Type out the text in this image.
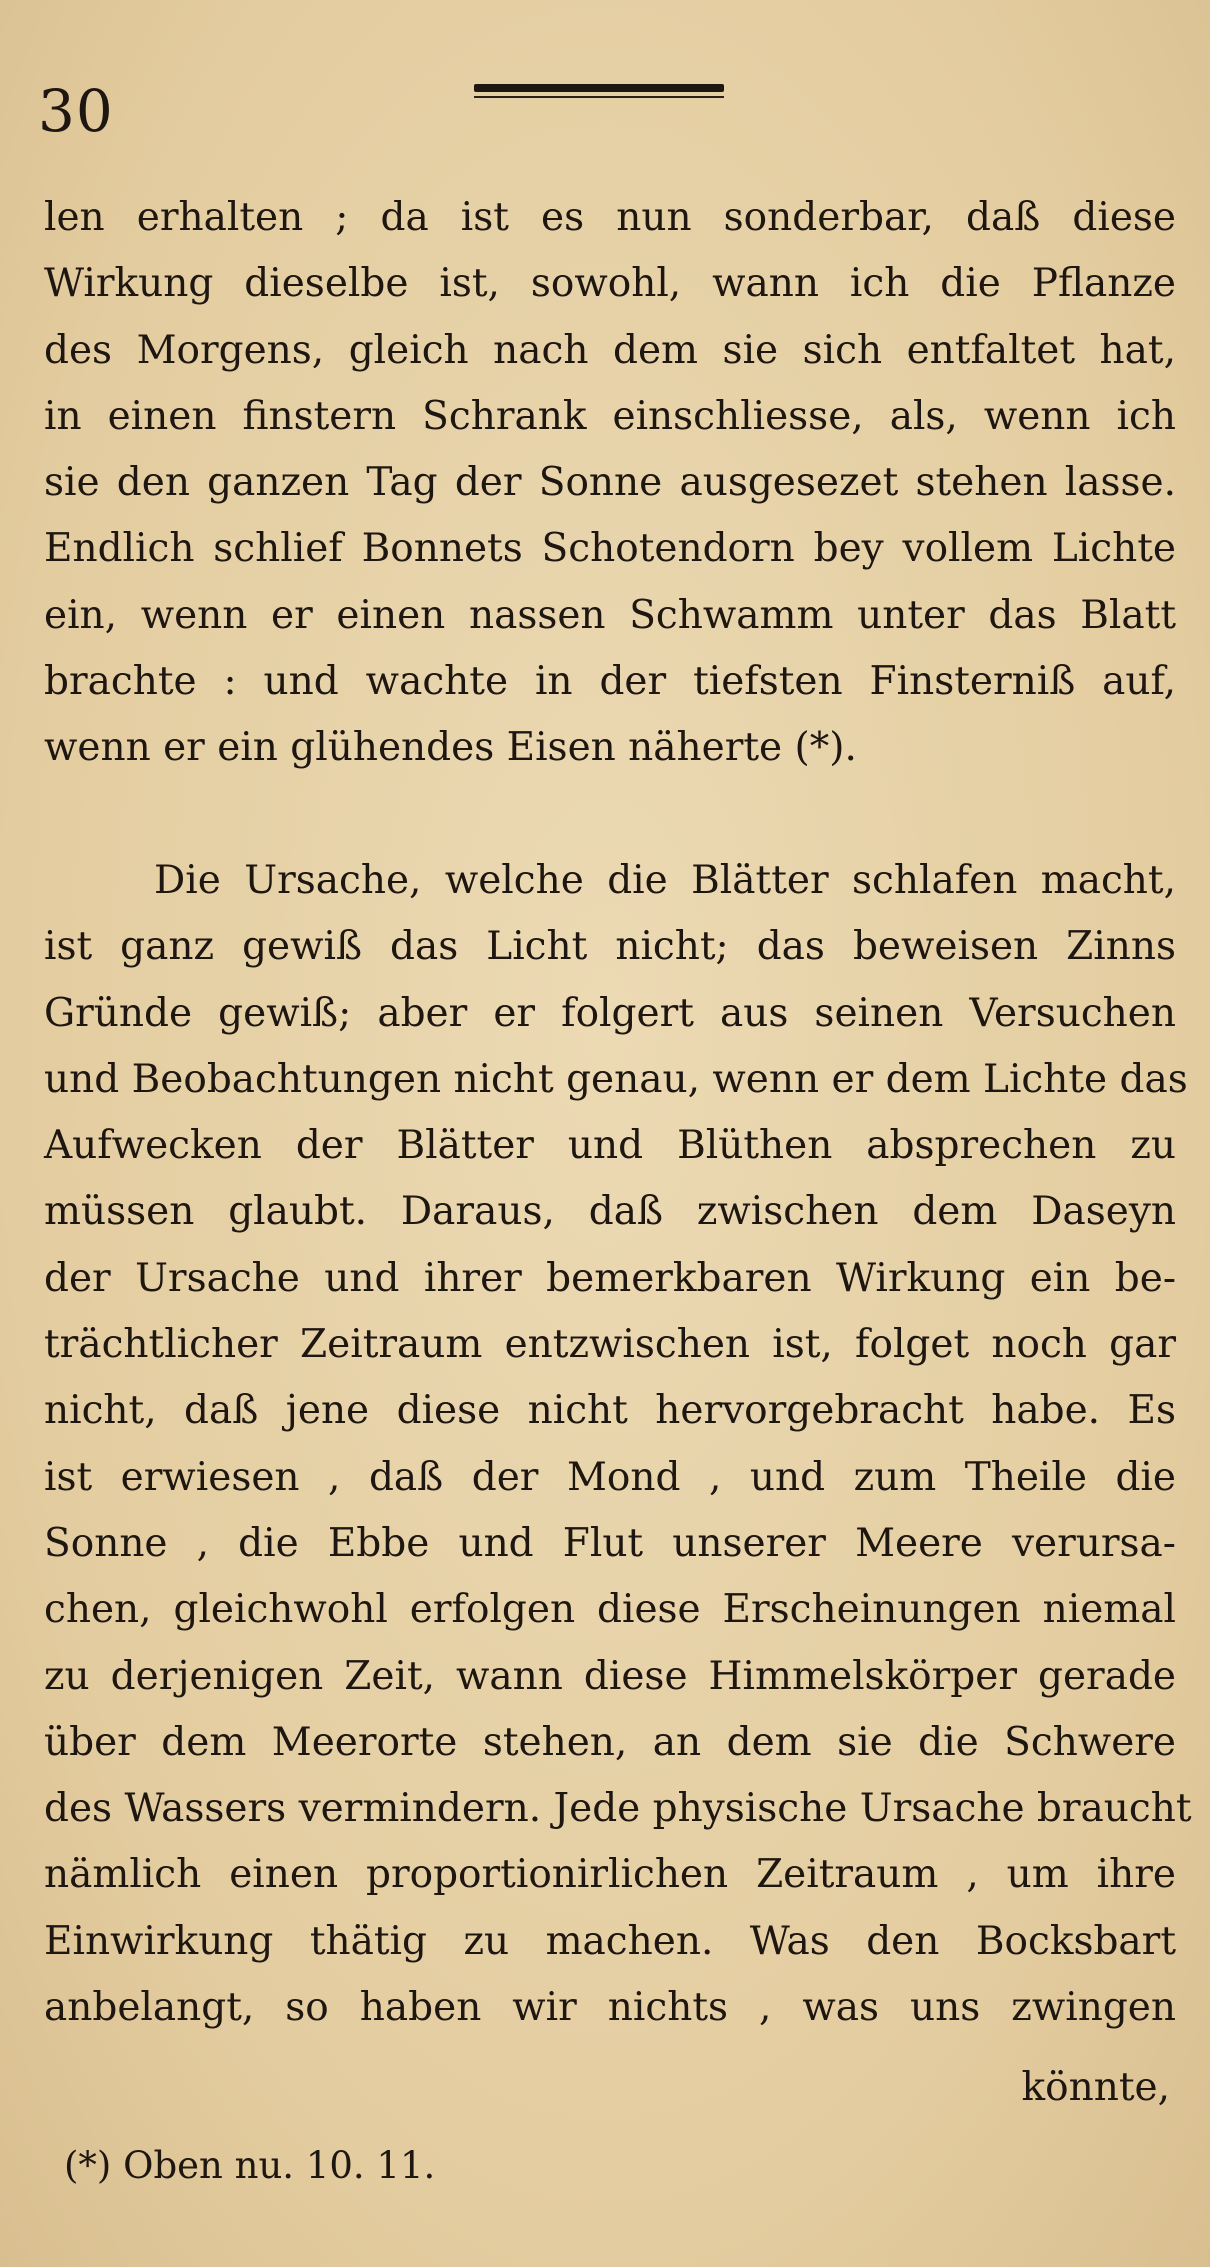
30
len erhalten ; da ist es nun sonderbar, daß diese
Wirkung dieselbe ist, sowohl, wann ich die Pflanze
des Morgens, gleich nach dem sie sich entfaltet hat,
in einen finstern Schrank einschliesse, als, wenn ich
sie den ganzen Tag der Sonne ausgesezet stehen lasse.
Endlich schlief Bonnets Schotendorn bey vollem Lichte
ein, wenn er einen nassen Schwamm unter das Blatt
brachte : und wachte in der tiefsten Finsterniß auf,
wenn er ein glühendes Eisen näherte (*).
Die Ursache, welche die Blätter schlafen macht,
ist ganz gewiß das Licht nicht; das beweisen Zinns
Gründe gewiß; aber er folgert aus seinen Versuchen
und Beobachtungen nicht genau, wenn er dem Lichte das
Aufwecken der Blätter und Blüthen absprechen zu
müssen glaubt. Daraus, daß zwischen dem Daseyn
der Ursache und ihrer bemerkbaren Wirkung ein be-
trächtlicher Zeitraum entzwischen ist, folget noch gar
nicht, daß jene diese nicht hervorgebracht habe. Es
ist erwiesen , daß der Mond , und zum Theile die
Sonne , die Ebbe und Flut unserer Meere verursa-
chen, gleichwohl erfolgen diese Erscheinungen niemal
zu derjenigen Zeit, wann diese Himmelskörper gerade
über dem Meerorte stehen, an dem sie die Schwere
des Wassers vermindern. Jede physische Ursache braucht
nämlich einen proportionirlichen Zeitraum , um ihre
Einwirkung thätig zu machen. Was den Bocksbart
anbelangt, so haben wir nichts , was uns zwingen
könnte,
(*) Oben nu. 10. 11.
